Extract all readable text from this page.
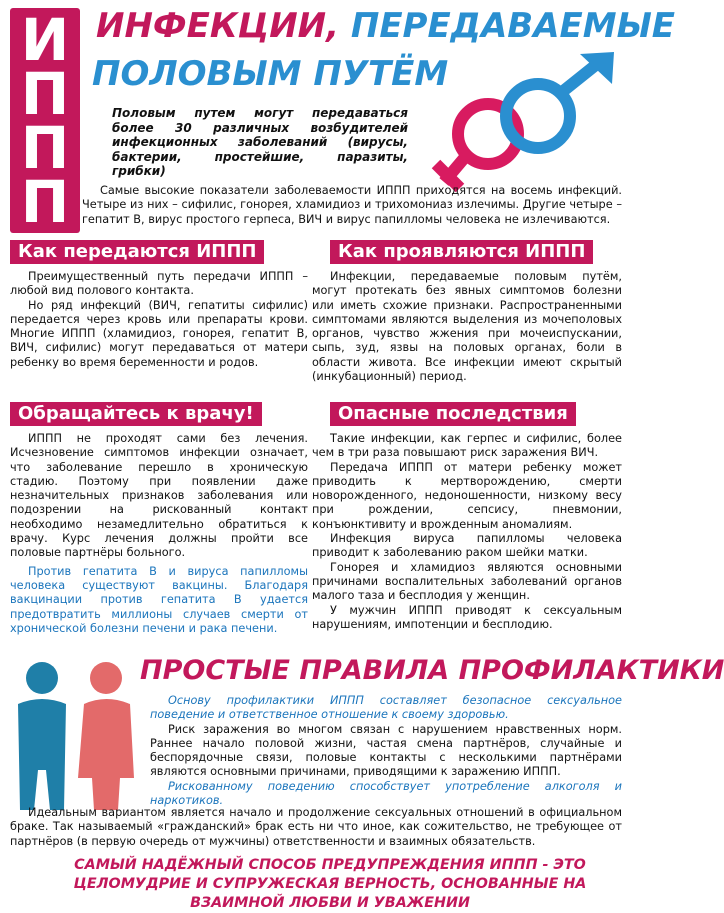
И
П
П
П
ИНФЕКЦИИ, ПЕРЕДАВАЕМЫЕ
ПОЛОВЫМ ПУТЁМ
Половым путем могут передаваться более 30 различных возбудителей инфекционных заболеваний (вирусы, бактерии, простейшие, паразиты, грибки)

Самые высокие показатели заболеваемости ИППП приходятся на восемь инфекций. Четыре из них – сифилис, гонорея, хламидиоз и трихомониаз излечимы. Другие четыре – гепатит В, вирус простого герпеса, ВИЧ и вирус папилломы человека не излечиваются.

Как передаются ИППП

Преимущественный путь передачи ИППП – любой вид полового контакта.

Но ряд инфекций (ВИЧ, гепатиты сифилис) передается через кровь или препараты крови. Многие ИППП (хламидиоз, гонорея, гепатит В, ВИЧ, сифилис) могут передаваться от матери ребенку во время беременности и родов.

Как проявляются ИППП

Инфекции, передаваемые половым путём, могут протекать без явных симптомов болезни или иметь схожие признаки. Распространенными симптомами являются выделения из мочеполовых органов, чувство жжения при мочеиспускании, сыпь, зуд, язвы на половых органах, боли в области живота. Все инфекции имеют скрытый (инкубационный) период.

Обращайтесь к врачу!

ИППП не проходят сами без лечения. Исчезновение симптомов инфекции означает, что заболевание перешло в хроническую стадию. Поэтому при появлении даже незначительных признаков заболевания или подозрении на рискованный контакт необходимо незамедлительно обратиться к врачу. Курс лечения должны пройти все половые партнёры больного.

Против гепатита В и вируса папилломы человека существуют вакцины. Благодаря вакцинации против гепатита В удается предотвратить миллионы случаев смерти от хронической болезни печени и рака печени.

Опасные последствия

Такие инфекции, как герпес и сифилис, более чем в три раза повышают риск заражения ВИЧ.

Передача ИППП от матери ребенку может приводить к мертворождению, смерти новорожденного, недоношенности, низкому весу при рождении, сепсису, пневмонии, конъюнктивиту и врожденным аномалиям.

Инфекция вируса папилломы человека приводит к заболеванию раком шейки матки.

Гонорея и хламидиоз являются основными причинами воспалительных заболеваний органов малого таза и бесплодия у женщин.

У мужчин ИППП приводят к сексуальным нарушениям, импотенции и бесплодию.

ПРОСТЫЕ ПРАВИЛА ПРОФИЛАКТИКИ

Основу профилактики ИППП составляет безопасное сексуальное поведение и ответственное отношение к своему здоровью.

Риск заражения во многом связан с нарушением нравственных норм. Раннее начало половой жизни, частая смена партнёров, случайные и беспорядочные связи, половые контакты с несколькими партнёрами являются основными причинами, приводящими к заражению ИППП.

Рискованному поведению способствует употребление алкоголя и наркотиков.

Идеальным вариантом является начало и продолжение сексуальных отношений в официальном браке. Так называемый «гражданский» брак есть ни что иное, как сожительство, не требующее от партнёров (в первую очередь от мужчины) ответственности и взаимных обязательств.

САМЫЙ НАДЁЖНЫЙ СПОСОБ ПРЕДУПРЕЖДЕНИЯ ИППП - ЭТО ЦЕЛОМУДРИЕ И СУПРУЖЕСКАЯ ВЕРНОСТЬ, ОСНОВАННЫЕ НА ВЗАИМНОЙ ЛЮБВИ И УВАЖЕНИИ
